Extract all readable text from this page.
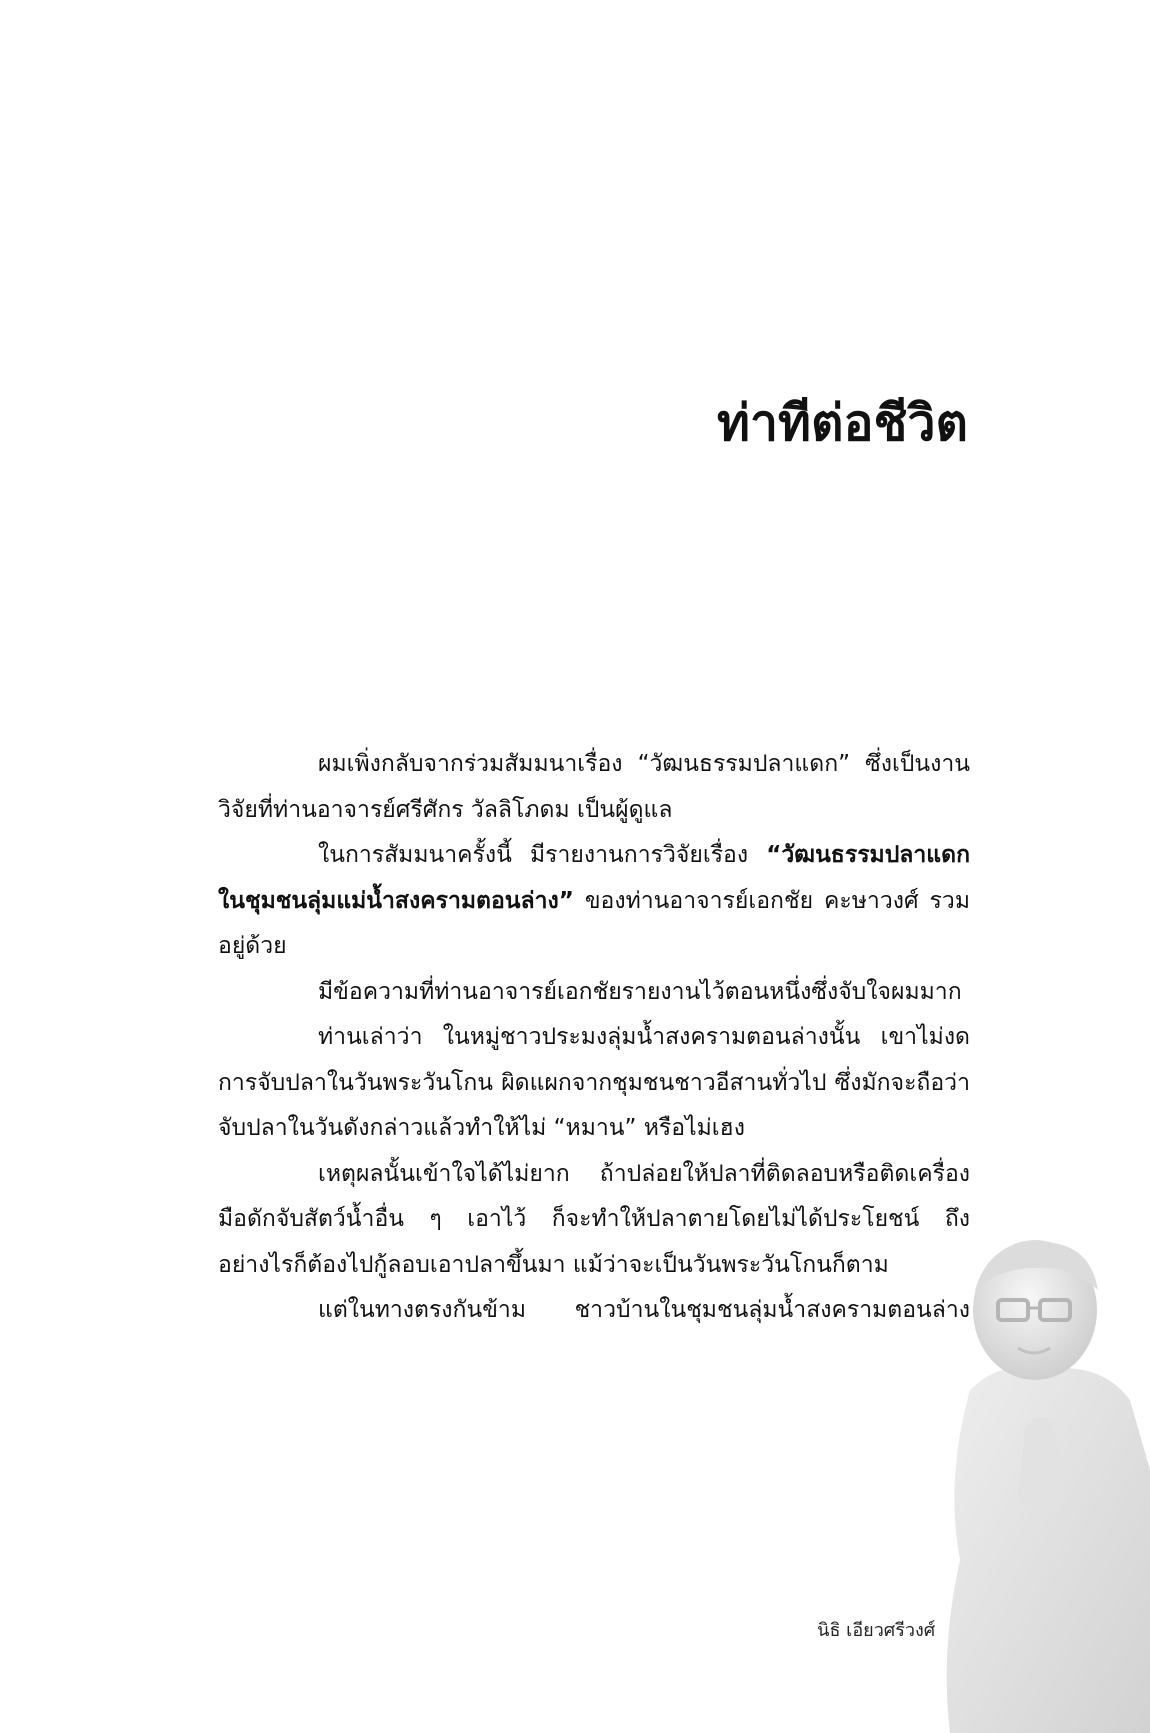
ท่าทีต่อชีวิต

ผมเพิ่งกลับจากร่วมสัมมนาเรื่อง “วัฒนธรรมปลาแดก” ซึ่งเป็นงานวิจัยที่ท่านอาจารย์ศรีศักร วัลลิโภดม เป็นผู้ดูแล

ในการสัมมนาครั้งนี้ มีรายงานการวิจัยเรื่อง “วัฒนธรรมปลาแดกในชุมชนลุ่มแม่น้ำสงครามตอนล่าง” ของท่านอาจารย์เอกชัย คะษาวงศ์ รวมอยู่ด้วย

มีข้อความที่ท่านอาจารย์เอกชัยรายงานไว้ตอนหนึ่งซึ่งจับใจผมมาก

ท่านเล่าว่า ในหมู่ชาวประมงลุ่มน้ำสงครามตอนล่างนั้น เขาไม่งดการจับปลาในวันพระวันโกน ผิดแผกจากชุมชนชาวอีสานทั่วไป ซึ่งมักจะถือว่าจับปลาในวันดังกล่าวแล้วทำให้ไม่ “หมาน” หรือไม่เฮง

เหตุผลนั้นเข้าใจได้ไม่ยาก ถ้าปล่อยให้ปลาที่ติดลอบหรือติดเครื่องมือดักจับสัตว์น้ำอื่น ๆ เอาไว้ ก็จะทำให้ปลาตายโดยไม่ได้ประโยชน์ ถึงอย่างไรก็ต้องไปกู้ลอบเอาปลาขึ้นมา แม้ว่าจะเป็นวันพระวันโกนก็ตาม

แต่ในทางตรงกันข้าม ชาวบ้านในชุมชนลุ่มน้ำสงครามตอนล่าง

นิธิ เอียวศรีวงศ์
